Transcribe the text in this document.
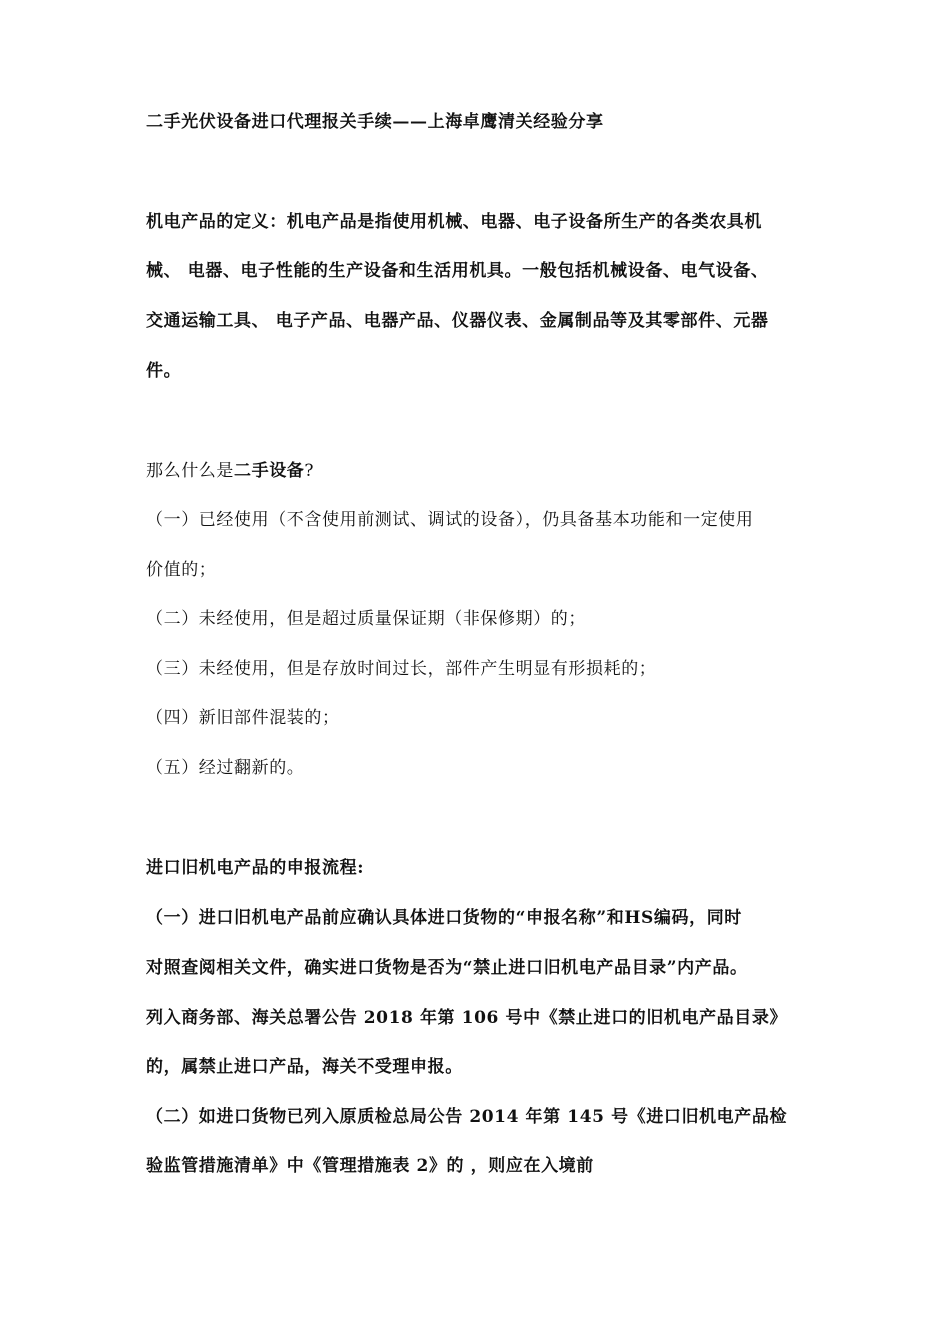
二手光伏设备进口代理报关手续——上海卓鹰清关经验分享
机电产品的定义：机电产品是指使用机械、电器、电子设备所生产的各类农具机
械、 电器、电子性能的生产设备和生活用机具。一般包括机械设备、电气设备、
交通运输工具、 电子产品、电器产品、仪器仪表、金属制品等及其零部件、元器
件。
那么什么是二手设备?
（一）已经使用（不含使用前测试、调试的设备），仍具备基本功能和一定使用
价值的；
（二）未经使用，但是超过质量保证期（非保修期）的；
（三）未经使用，但是存放时间过长，部件产生明显有形损耗的；
（四）新旧部件混装的；
（五）经过翻新的。
进口旧机电产品的申报流程:
（一）进口旧机电产品前应确认具体进口货物的“申报名称”和HS编码，同时
对照查阅相关文件，确实进口货物是否为“禁止进口旧机电产品目录”内产品。
列入商务部、海关总署公告 2018 年第 106 号中《禁止进口的旧机电产品目录》
的，属禁止进口产品，海关不受理申报。
（二）如进口货物已列入原质检总局公告 2014 年第 145 号《进口旧机电产品检
验监管措施清单》中《管理措施表 2》的 ，则应在入境前
